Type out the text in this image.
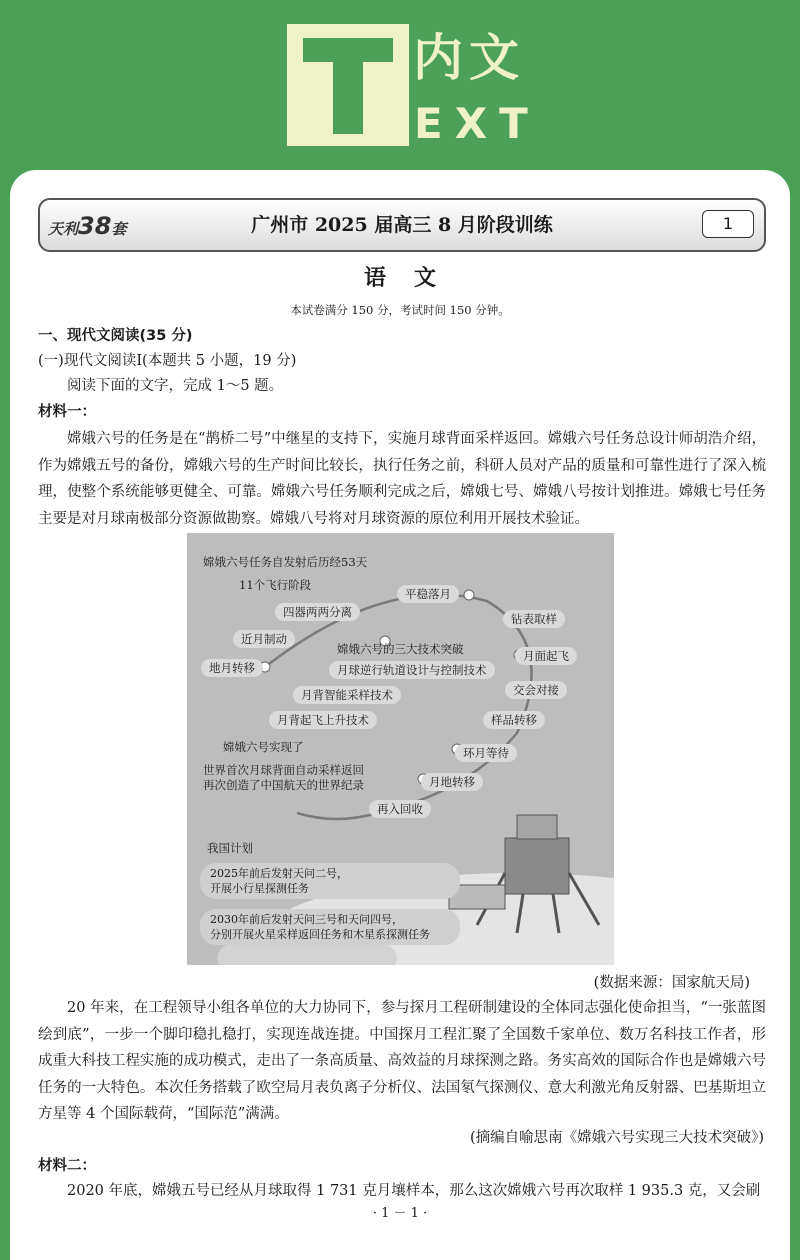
内文
EXT
天利38套	广州市 2025 届高三 8 月阶段训练	1
语文
本试卷满分 150 分，考试时间 150 分钟。
一、现代文阅读(35 分)
(一)现代文阅读Ⅰ(本题共 5 小题，19 分)
阅读下面的文字，完成 1～5 题。
材料一：
嫦娥六号的任务是在“鹊桥二号”中继星的支持下，实施月球背面采样返回。嫦娥六号任务总设计师胡浩介绍，作为嫦娥五号的备份，嫦娥六号的生产时间比较长，执行任务之前，科研人员对产品的质量和可靠性进行了深入梳理，使整个系统能够更健全、可靠。嫦娥六号任务顺利完成之后，嫦娥七号、嫦娥八号按计划推进。嫦娥七号任务主要是对月球南极部分资源做勘察。嫦娥八号将对月球资源的原位利用开展技术验证。
嫦娥六号任务自发射后历经53天
11个飞行阶段
地月转移
近月制动
四器两两分离
平稳落月
钻表取样
月面起飞
交会对接
样品转移
环月等待
月地转移
再入回收
嫦娥六号的三大技术突破
月球逆行轨道设计与控制技术
月背智能采样技术
月背起飞上升技术
嫦娥六号实现了
世界首次月球背面自动采样返回
再次创造了中国航天的世界纪录
我国计划
2025年前后发射天问二号，
开展小行星探测任务
2030年前后发射天问三号和天问四号，
分别开展火星采样返回任务和木星系探测任务
(数据来源：国家航天局)
20 年来，在工程领导小组各单位的大力协同下，参与探月工程研制建设的全体同志强化使命担当，“一张蓝图绘到底”，一步一个脚印稳扎稳打，实现连战连捷。中国探月工程汇聚了全国数千家单位、数万名科技工作者，形成重大科技工程实施的成功模式，走出了一条高质量、高效益的月球探测之路。务实高效的国际合作也是嫦娥六号任务的一大特色。本次任务搭载了欧空局月表负离子分析仪、法国氡气探测仪、意大利激光角反射器、巴基斯坦立方星等 4 个国际载荷，“国际范”满满。
(摘编自喻思南《嫦娥六号实现三大技术突破》)
材料二：
2020 年底，嫦娥五号已经从月球取得 1 731 克月壤样本，那么这次嫦娥六号再次取样 1 935.3 克，又会刷
· 1 － 1 ·
